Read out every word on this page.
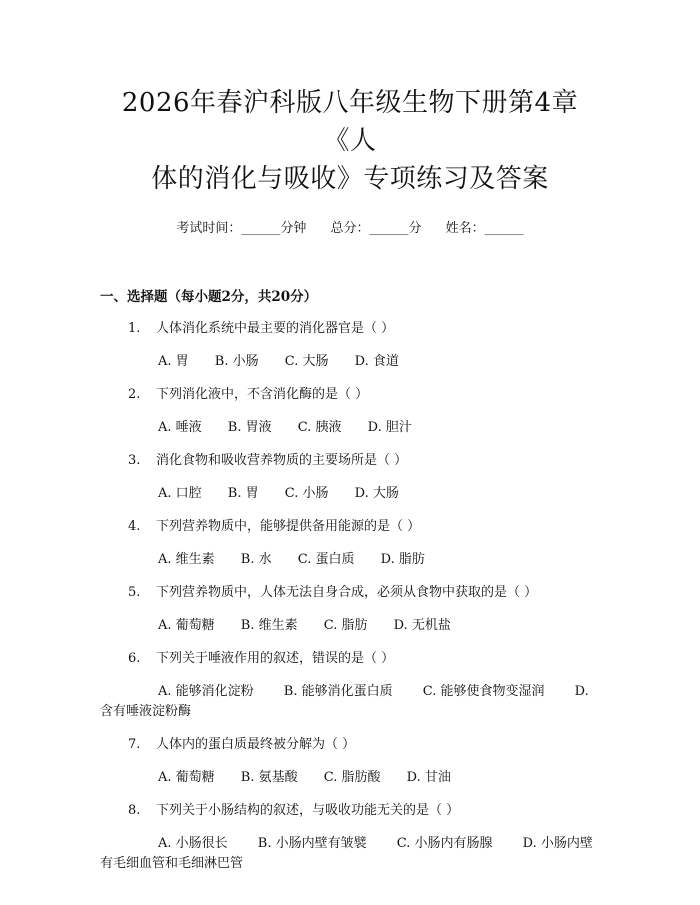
2026年春沪科版八年级生物下册第4章《人
体的消化与吸收》专项练习及答案
考试时间：______分钟 总分：______分 姓名：______
一、选择题（每小题2分，共20分）
1. 人体消化系统中最主要的消化器官是（ ）
A. 胃 B. 小肠 C. 大肠 D. 食道
2. 下列消化液中，不含消化酶的是（ ）
A. 唾液 B. 胃液 C. 胰液 D. 胆汁
3. 消化食物和吸收营养物质的主要场所是（ ）
A. 口腔 B. 胃 C. 小肠 D. 大肠
4. 下列营养物质中，能够提供备用能源的是（ ）
A. 维生素 B. 水 C. 蛋白质 D. 脂肪
5. 下列营养物质中，人体无法自身合成，必须从食物中获取的是（ ）
A. 葡萄糖 B. 维生素 C. 脂肪 D. 无机盐
6. 下列关于唾液作用的叙述，错误的是（ ）
A. 能够消化淀粉 B. 能够消化蛋白质 C. 能够使食物变湿润 D. 含有唾液淀粉酶
7. 人体内的蛋白质最终被分解为（ ）
A. 葡萄糖 B. 氨基酸 C. 脂肪酸 D. 甘油
8. 下列关于小肠结构的叙述，与吸收功能无关的是（ ）
A. 小肠很长 B. 小肠内壁有皱襞 C. 小肠内有肠腺 D. 小肠内壁有毛细血管和毛细淋巴管
